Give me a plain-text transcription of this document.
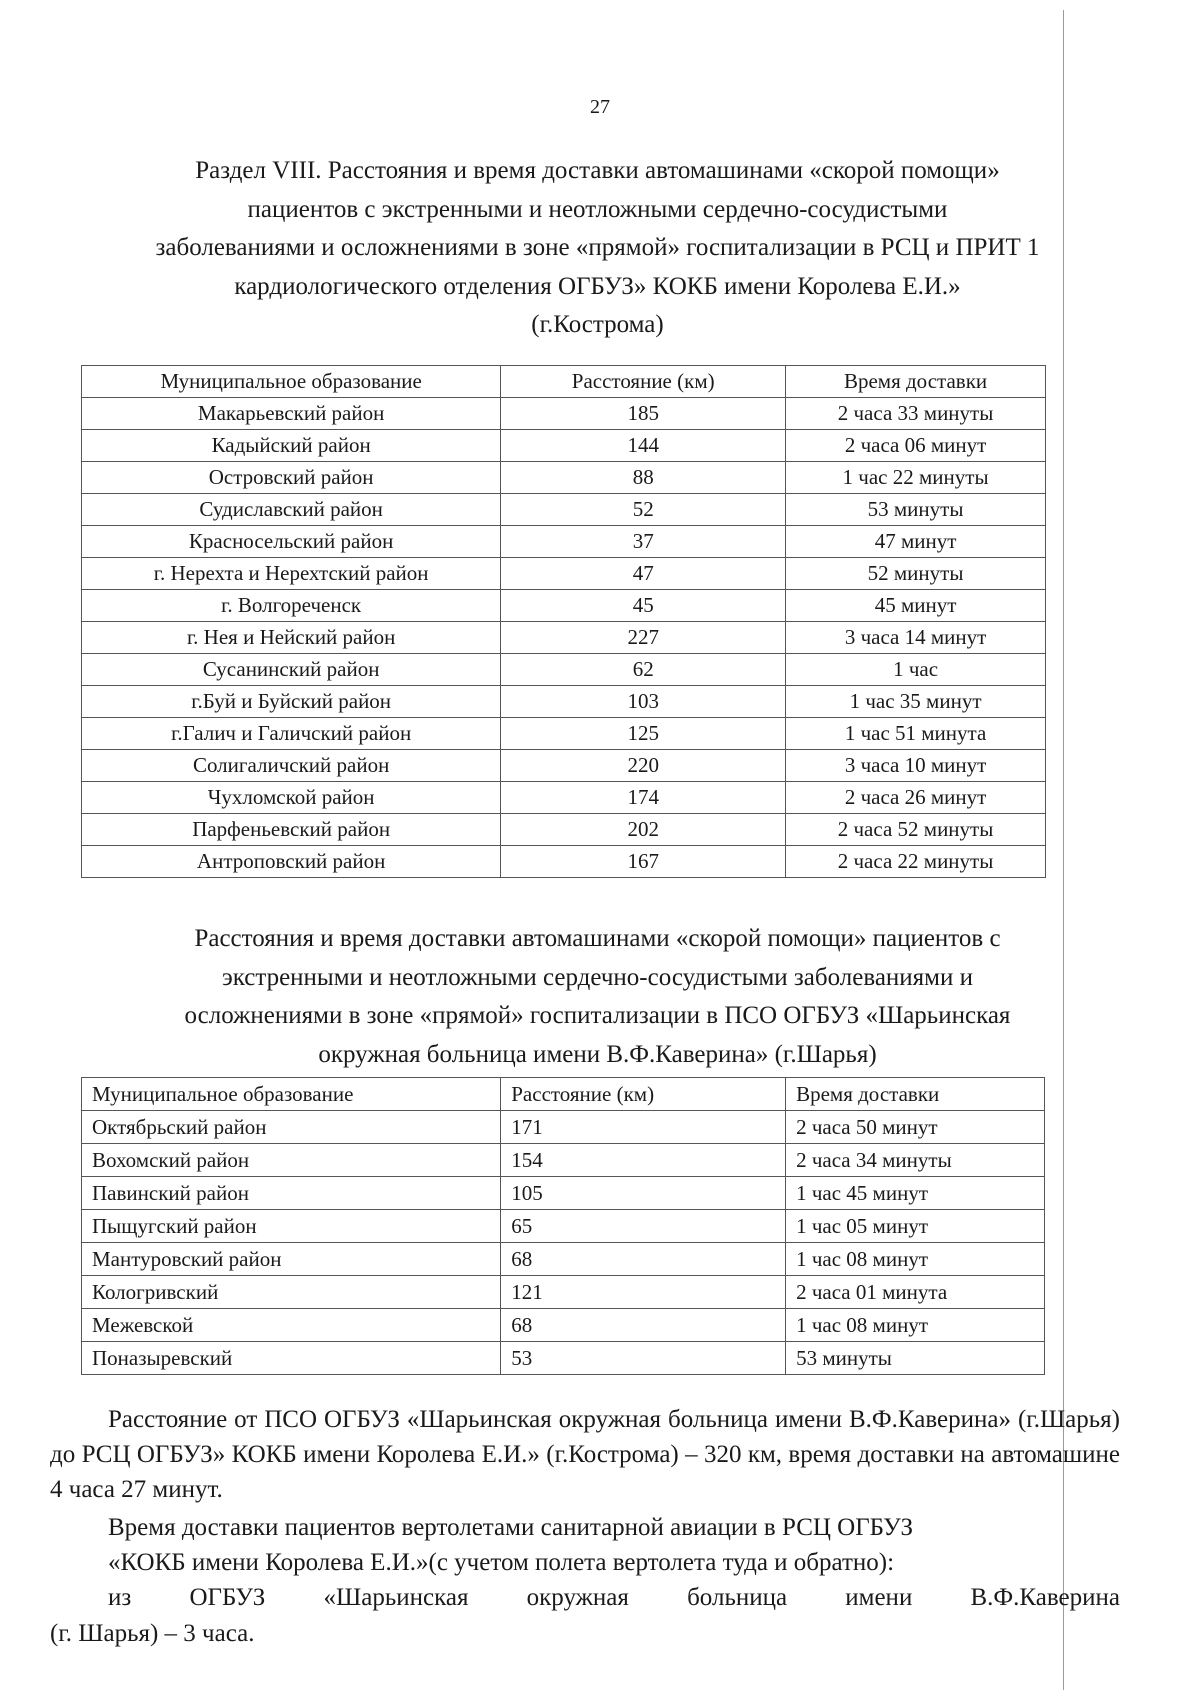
27
Раздел VIII. Расстояния и время доставки автомашинами «скорой помощи»
пациентов с экстренными и неотложными сердечно-сосудистыми
заболеваниями и осложнениями в зоне «прямой» госпитализации в РСЦ и ПРИТ 1
кардиологического отделения ОГБУЗ» КОКБ имени Королева Е.И.»
(г.Кострома)
Муниципальное образование	Расстояние (км)	Время доставки
Макарьевский район	185	2 часа 33 минуты
Кадыйский район	144	2 часа 06 минут
Островский район	88	1 час 22 минуты
Судиславский район	52	53 минуты
Красносельский район	37	47 минут
г. Нерехта и Нерехтский район	47	52 минуты
г. Волгореченск	45	45 минут
г. Нея и Нейский район	227	3 часа 14 минут
Сусанинский район	62	1 час
г.Буй и Буйский район	103	1 час 35 минут
г.Галич и Галичский район	125	1 час 51 минута
Солигаличский район	220	3 часа 10 минут
Чухломской район	174	2 часа 26 минут
Парфеньевский район	202	2 часа 52 минуты
Антроповский район	167	2 часа 22 минуты
Расстояния и время доставки автомашинами «скорой помощи» пациентов с
экстренными и неотложными сердечно-сосудистыми заболеваниями и
осложнениями в зоне «прямой» госпитализации в ПСО ОГБУЗ «Шарьинская
окружная больница имени В.Ф.Каверина» (г.Шарья)
Муниципальное образование	Расстояние (км)	Время доставки
Октябрьский район	171	2 часа 50 минут
Вохомский район	154	2 часа 34 минуты
Павинский район	105	1 час 45 минут
Пыщугский район	65	1 час 05 минут
Мантуровский район	68	1 час 08 минут
Кологривский	121	2 часа 01 минута
Межевской	68	1 час 08 минут
Поназыревский	53	53 минуты
Расстояние от ПСО ОГБУЗ «Шарьинская окружная больница имени В.Ф.Каверина» (г.Шарья) до РСЦ ОГБУЗ» КОКБ имени Королева Е.И.» (г.Кострома) – 320 км, время доставки на автомашине 4 часа 27 минут.
Время доставки пациентов вертолетами санитарной авиации в РСЦ ОГБУЗ
«КОКБ имени Королева Е.И.»(с учетом полета вертолета туда и обратно):
из ОГБУЗ «Шарьинская окружная больница имени В.Ф.Каверина
(г. Шарья) – 3 часа.
